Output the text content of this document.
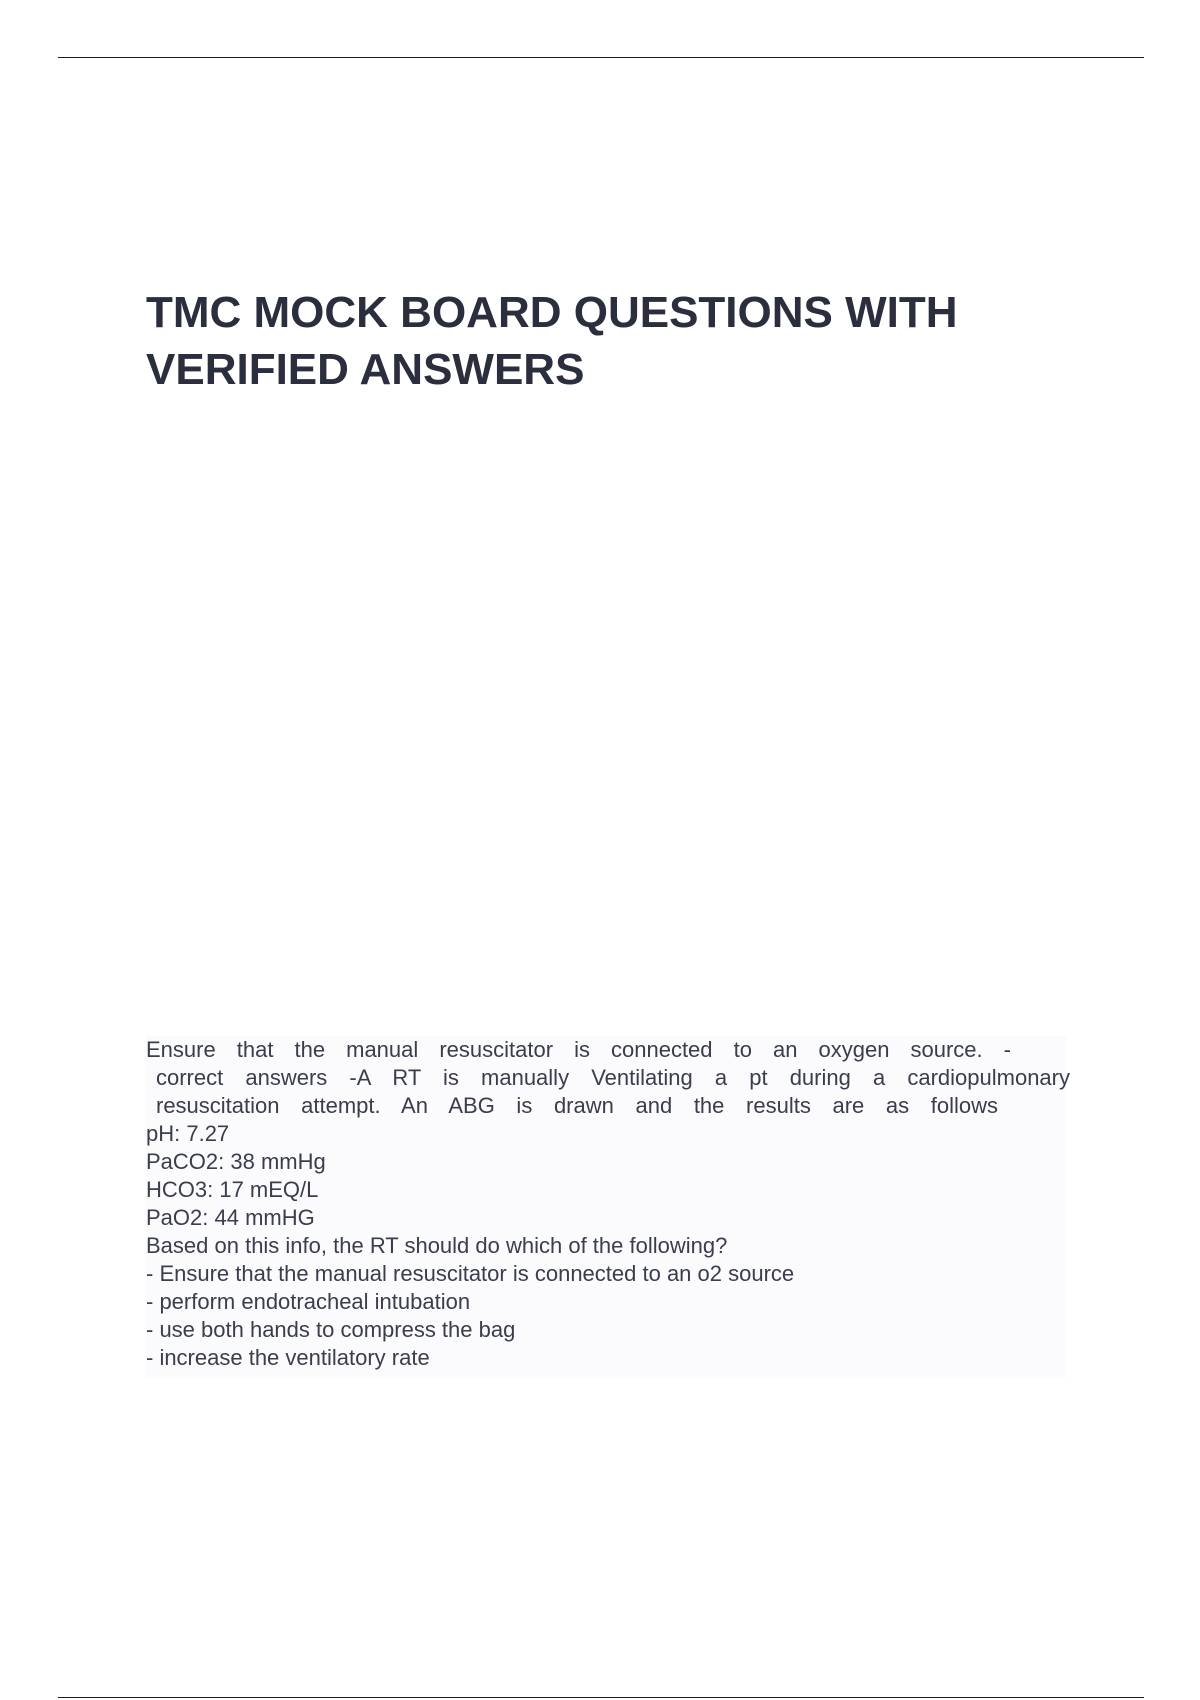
TMC MOCK BOARD QUESTIONS WITH
VERIFIED ANSWERS
Ensure that the manual resuscitator is connected to an oxygen source. -
correct answers -A RT is manually Ventilating a pt during a cardiopulmonary
resuscitation attempt. An ABG is drawn and the results are as follows
pH: 7.27
PaCO2: 38 mmHg
HCO3: 17 mEQ/L
PaO2: 44 mmHG
Based on this info, the RT should do which of the following?
- Ensure that the manual resuscitator is connected to an o2 source
- perform endotracheal intubation
- use both hands to compress the bag
- increase the ventilatory rate
